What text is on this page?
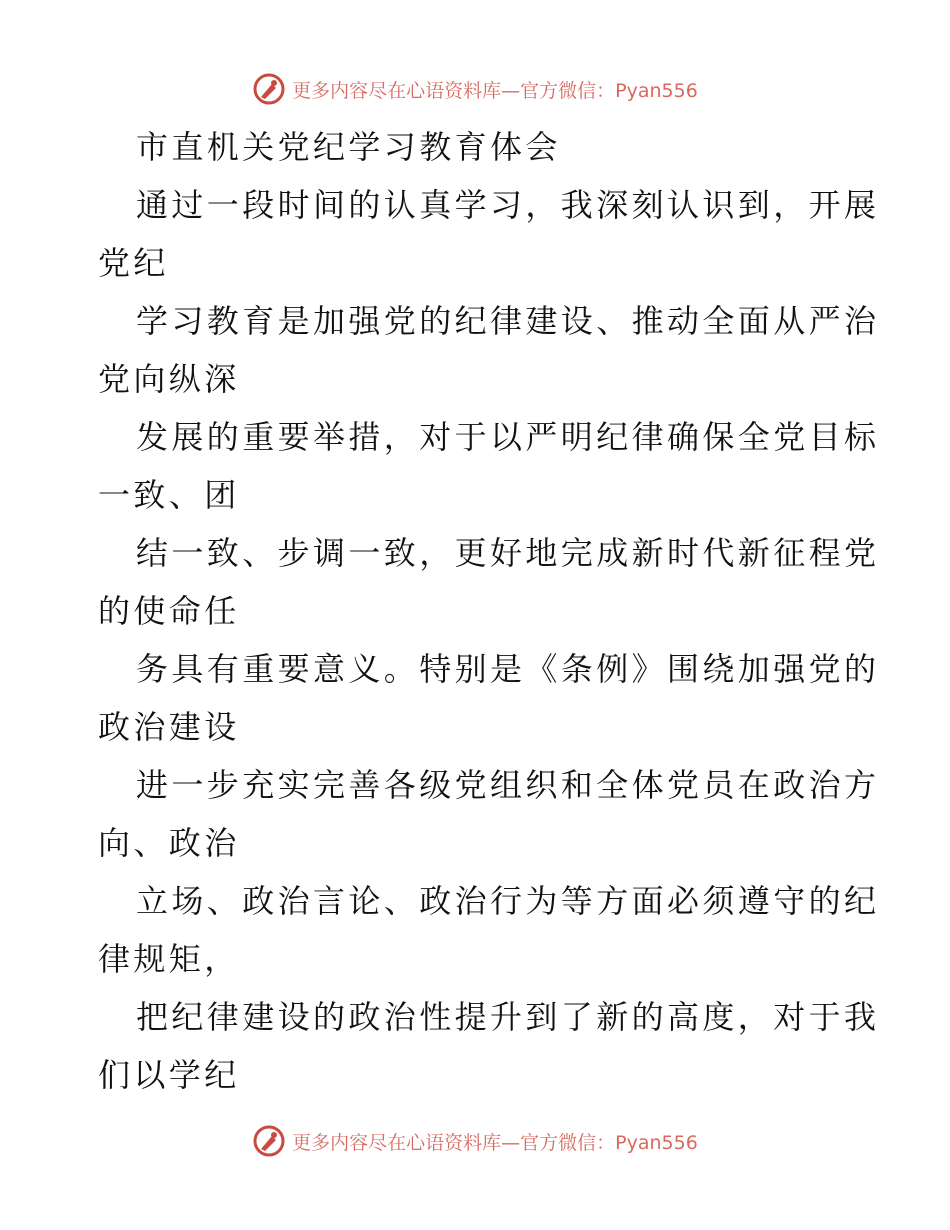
更多内容尽在心语资料库—官方微信：Pyan556

市直机关党纪学习教育体会

通过一段时间的认真学习，我深刻认识到，开展
党纪

学习教育是加强党的纪律建设、推动全面从严治
党向纵深

发展的重要举措，对于以严明纪律确保全党目标
一致、团

结一致、步调一致，更好地完成新时代新征程党
的使命任

务具有重要意义。特别是《条例》围绕加强党的
政治建设

进一步充实完善各级党组织和全体党员在政治方
向、政治

立场、政治言论、政治行为等方面必须遵守的纪
律规矩，

把纪律建设的政治性提升到了新的高度，对于我
们以学纪

更多内容尽在心语资料库—官方微信：Pyan556
